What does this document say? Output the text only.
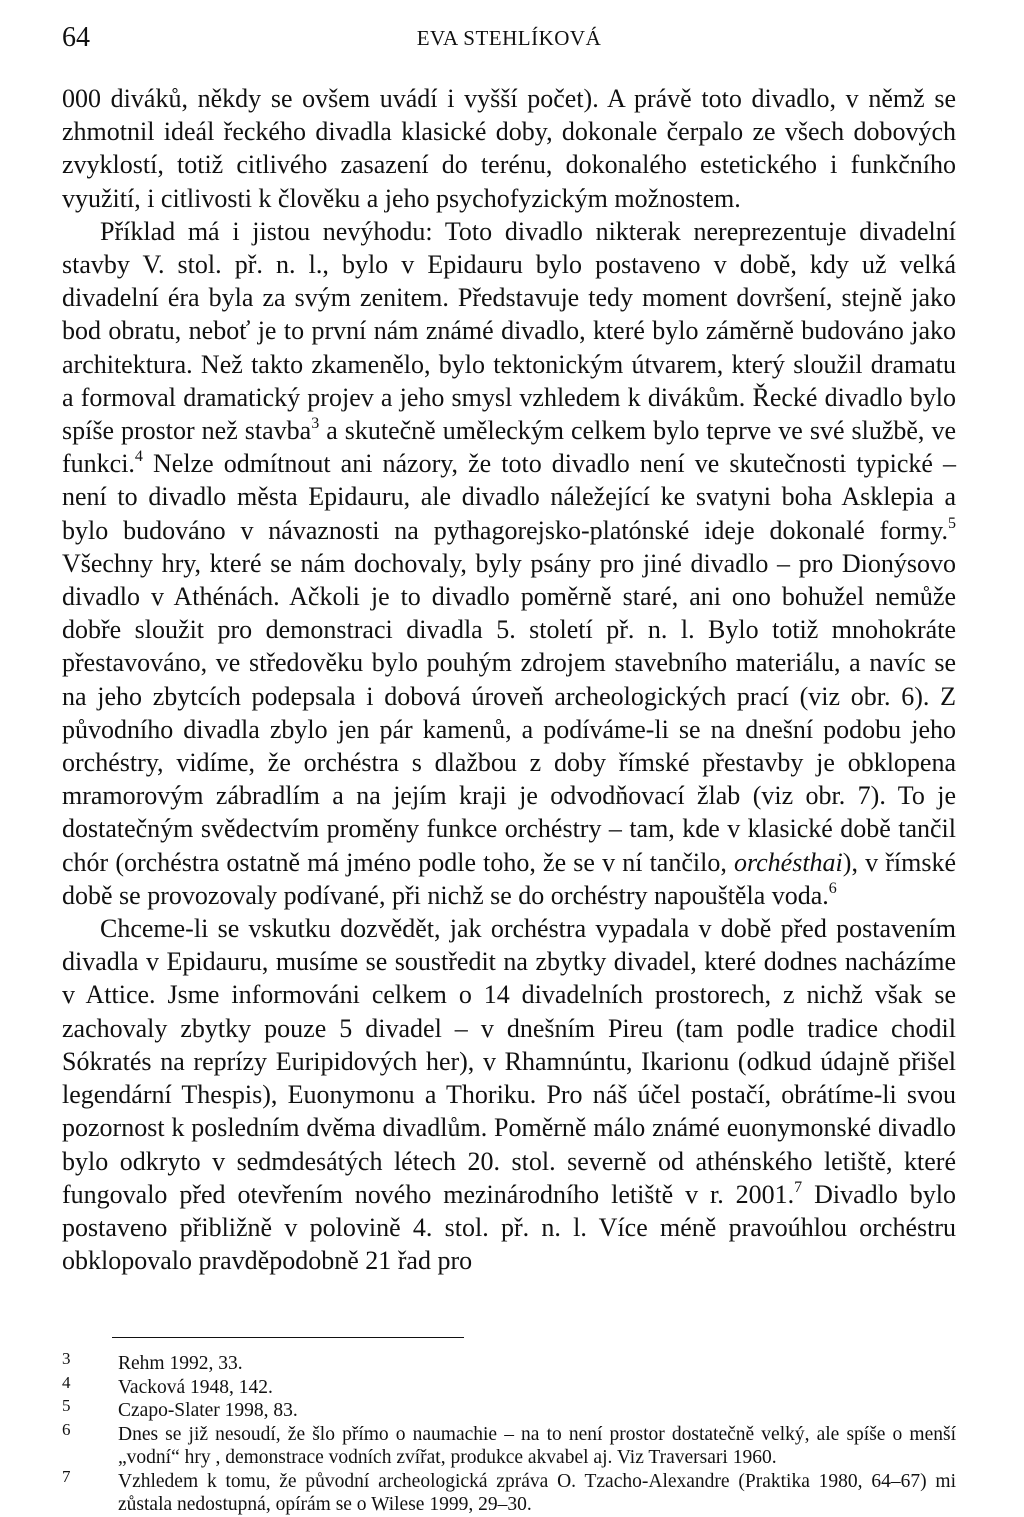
64	EVA STEHLÍKOVÁ

000 diváků, někdy se ovšem uvádí i vyšší počet). A právě toto divadlo, v němž se zhmotnil ideál řeckého divadla klasické doby, dokonale čerpalo ze všech dobových zvyklostí, totiž citlivého zasazení do terénu, dokonalého estetického i funkčního využití, i citlivosti k člověku a jeho psychofyzickým možnostem.

Příklad má i jistou nevýhodu: Toto divadlo nikterak nereprezentuje divadelní stavby V. stol. př. n. l., bylo v Epidauru bylo postaveno v době, kdy už velká divadelní éra byla za svým zenitem. Představuje tedy moment dovršení, stejně jako bod obratu, neboť je to první nám známé divadlo, které bylo záměrně budováno jako architektura. Než takto zkamenělo, bylo tektonickým útvarem, který sloužil dramatu a formoval dramatický projev a jeho smysl vzhledem k divákům. Řecké divadlo bylo spíše prostor než stavba$^3$ a skutečně uměleckým celkem bylo teprve ve své službě, ve funkci.$^4$ Nelze odmítnout ani názory, že toto divadlo není ve skutečnosti typické – není to divadlo města Epidauru, ale divadlo náležející ke svatyni boha Asklepia a bylo budováno v návaznosti na pythagorejsko-platónské ideje dokonalé formy.$^5$ Všechny hry, které se nám dochovaly, byly psány pro jiné divadlo – pro Dionýsovo divadlo v Athénách. Ačkoli je to divadlo poměrně staré, ani ono bohužel nemůže dobře sloužit pro demonstraci divadla 5. století př. n. l. Bylo totiž mnohokráte přestavováno, ve středověku bylo pouhým zdrojem stavebního materiálu, a navíc se na jeho zbytcích podepsala i dobová úroveň archeologických prací (viz obr. 6). Z původního divadla zbylo jen pár kamenů, a podíváme-li se na dnešní podobu jeho orchéstry, vidíme, že orchéstra s dlažbou z doby římské přestavby je obklopena mramorovým zábradlím a na jejím kraji je odvodňovací žlab (viz obr. 7). To je dostatečným svědectvím proměny funkce orchéstry – tam, kde v klasické době tančil chór (orchéstra ostatně má jméno podle toho, že se v ní tančilo, orchésthai), v římské době se provozovaly podívané, při nichž se do orchéstry napouštěla voda.$^6$

Chceme-li se vskutku dozvědět, jak orchéstra vypadala v době před postavením divadla v Epidauru, musíme se soustředit na zbytky divadel, které dodnes nacházíme v Attice. Jsme informováni celkem o 14 divadelních prostorech, z nichž však se zachovaly zbytky pouze 5 divadel – v dnešním Pireu (tam podle tradice chodil Sókratés na reprízy Euripidových her), v Rhamnúntu, Ikarionu (odkud údajně přišel legendární Thespis), Euonymonu a Thoriku. Pro náš účel postačí, obrátíme-li svou pozornost k posledním dvěma divadlům. Poměrně málo známé euonymonské divadlo bylo odkryto v sedmdesátých létech 20. stol. severně od athénského letiště, které fungovalo před otevřením nového mezinárodního letiště v r. 2001.$^7$ Divadlo bylo postaveno přibližně v polovině 4. stol. př. n. l. Více méně pravoúhlou orchéstru obklopovalo pravděpodobně 21 řad pro

3	Rehm 1992, 33.
4	Vacková 1948, 142.
5	Czapo-Slater 1998, 83.
6	Dnes se již nesoudí, že šlo přímo o naumachie – na to není prostor dostatečně velký, ale spíše o menší „vodní“ hry , demonstrace vodních zvířat, produkce akvabel aj. Viz Traversari 1960.
7	Vzhledem k tomu, že původní archeologická zpráva O. Tzacho-Alexandre (Praktika 1980, 64–67) mi zůstala nedostupná, opírám se o Wilese 1999, 29–30.
